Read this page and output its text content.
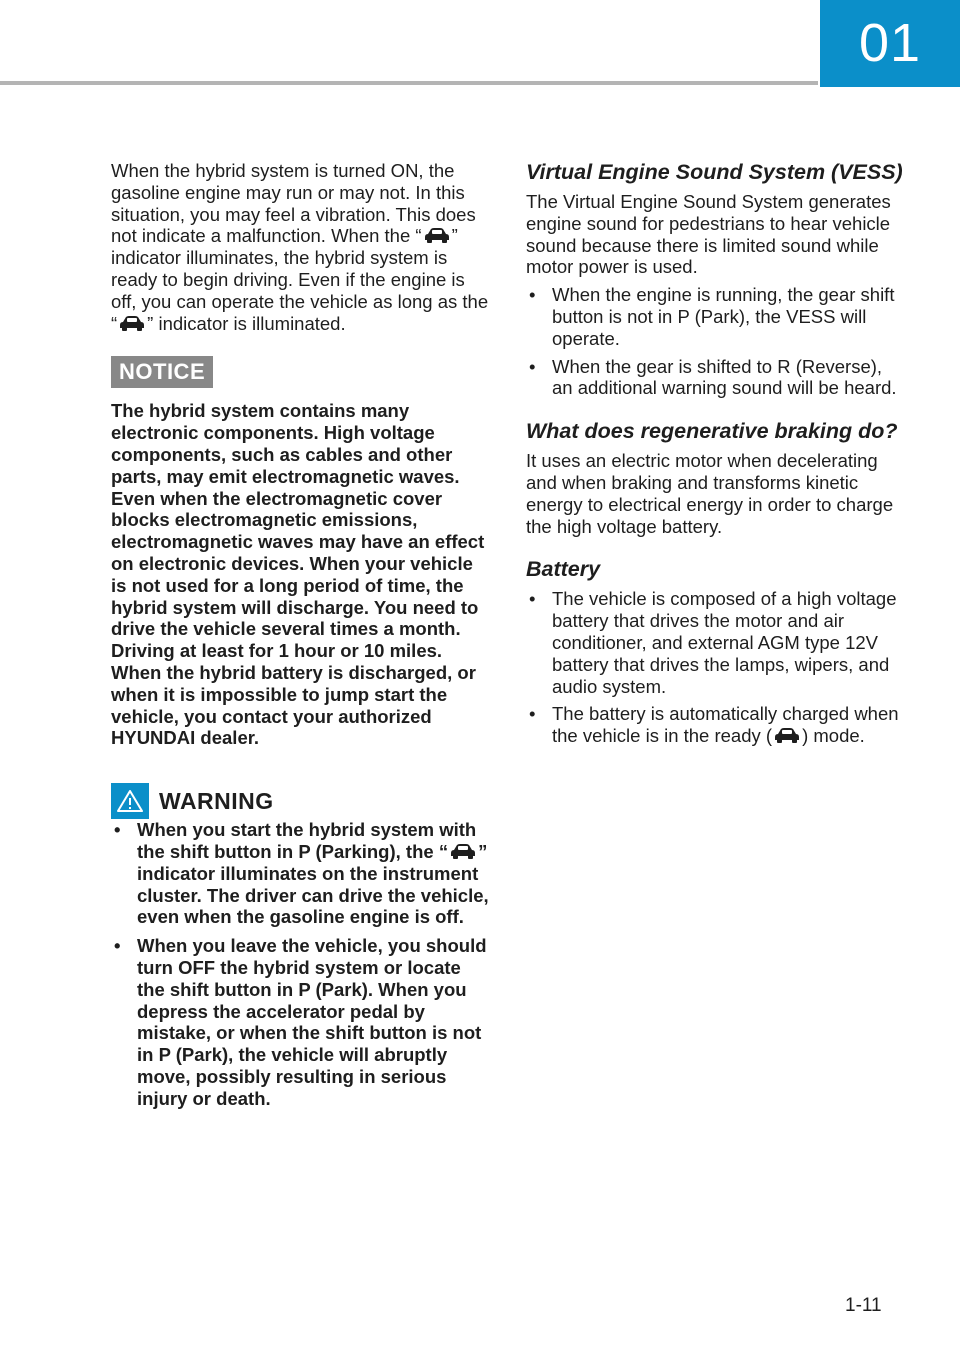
01

When the hybrid system is turned ON, the gasoline engine may run or may not. In this situation, you may feel a vibration. This does not indicate a malfunction. When the “ ” indicator illuminates, the hybrid system is ready to begin driving. Even if the engine is off, you can operate the vehicle as long as the “ ” indicator is illuminated.

NOTICE

The hybrid system contains many electronic components. High voltage components, such as cables and other parts, may emit electromagnetic waves. Even when the electromagnetic cover blocks electromagnetic emissions, electromagnetic waves may have an effect on electronic devices. When your vehicle is not used for a long period of time, the hybrid system will discharge. You need to drive the vehicle several times a month. Driving at least for 1 hour or 10 miles. When the hybrid battery is discharged, or when it is impossible to jump start the vehicle, you contact your authorized HYUNDAI dealer.

WARNING
• When you start the hybrid system with the shift button in P (Parking), the “ ” indicator illuminates on the instrument cluster. The driver can drive the vehicle, even when the gasoline engine is off.
• When you leave the vehicle, you should turn OFF the hybrid system or locate the shift button in P (Park). When you depress the accelerator pedal by mistake, or when the shift button is not in P (Park), the vehicle will abruptly move, possibly resulting in serious injury or death.
Virtual Engine Sound System (VESS)

The Virtual Engine Sound System generates engine sound for pedestrians to hear vehicle sound because there is limited sound while motor power is used.

• When the engine is running, the gear shift button is not in P (Park), the VESS will operate.
• When the gear is shifted to R (Reverse), an additional warning sound will be heard.
What does regenerative braking do?

It uses an electric motor when decelerating and when braking and transforms kinetic energy to electrical energy in order to charge the high voltage battery.

Battery
• The vehicle is composed of a high voltage battery that drives the motor and air conditioner, and external AGM type 12V battery that drives the lamps, wipers, and audio system.
• The battery is automatically charged when the vehicle is in the ready ( ) mode.
1-11
